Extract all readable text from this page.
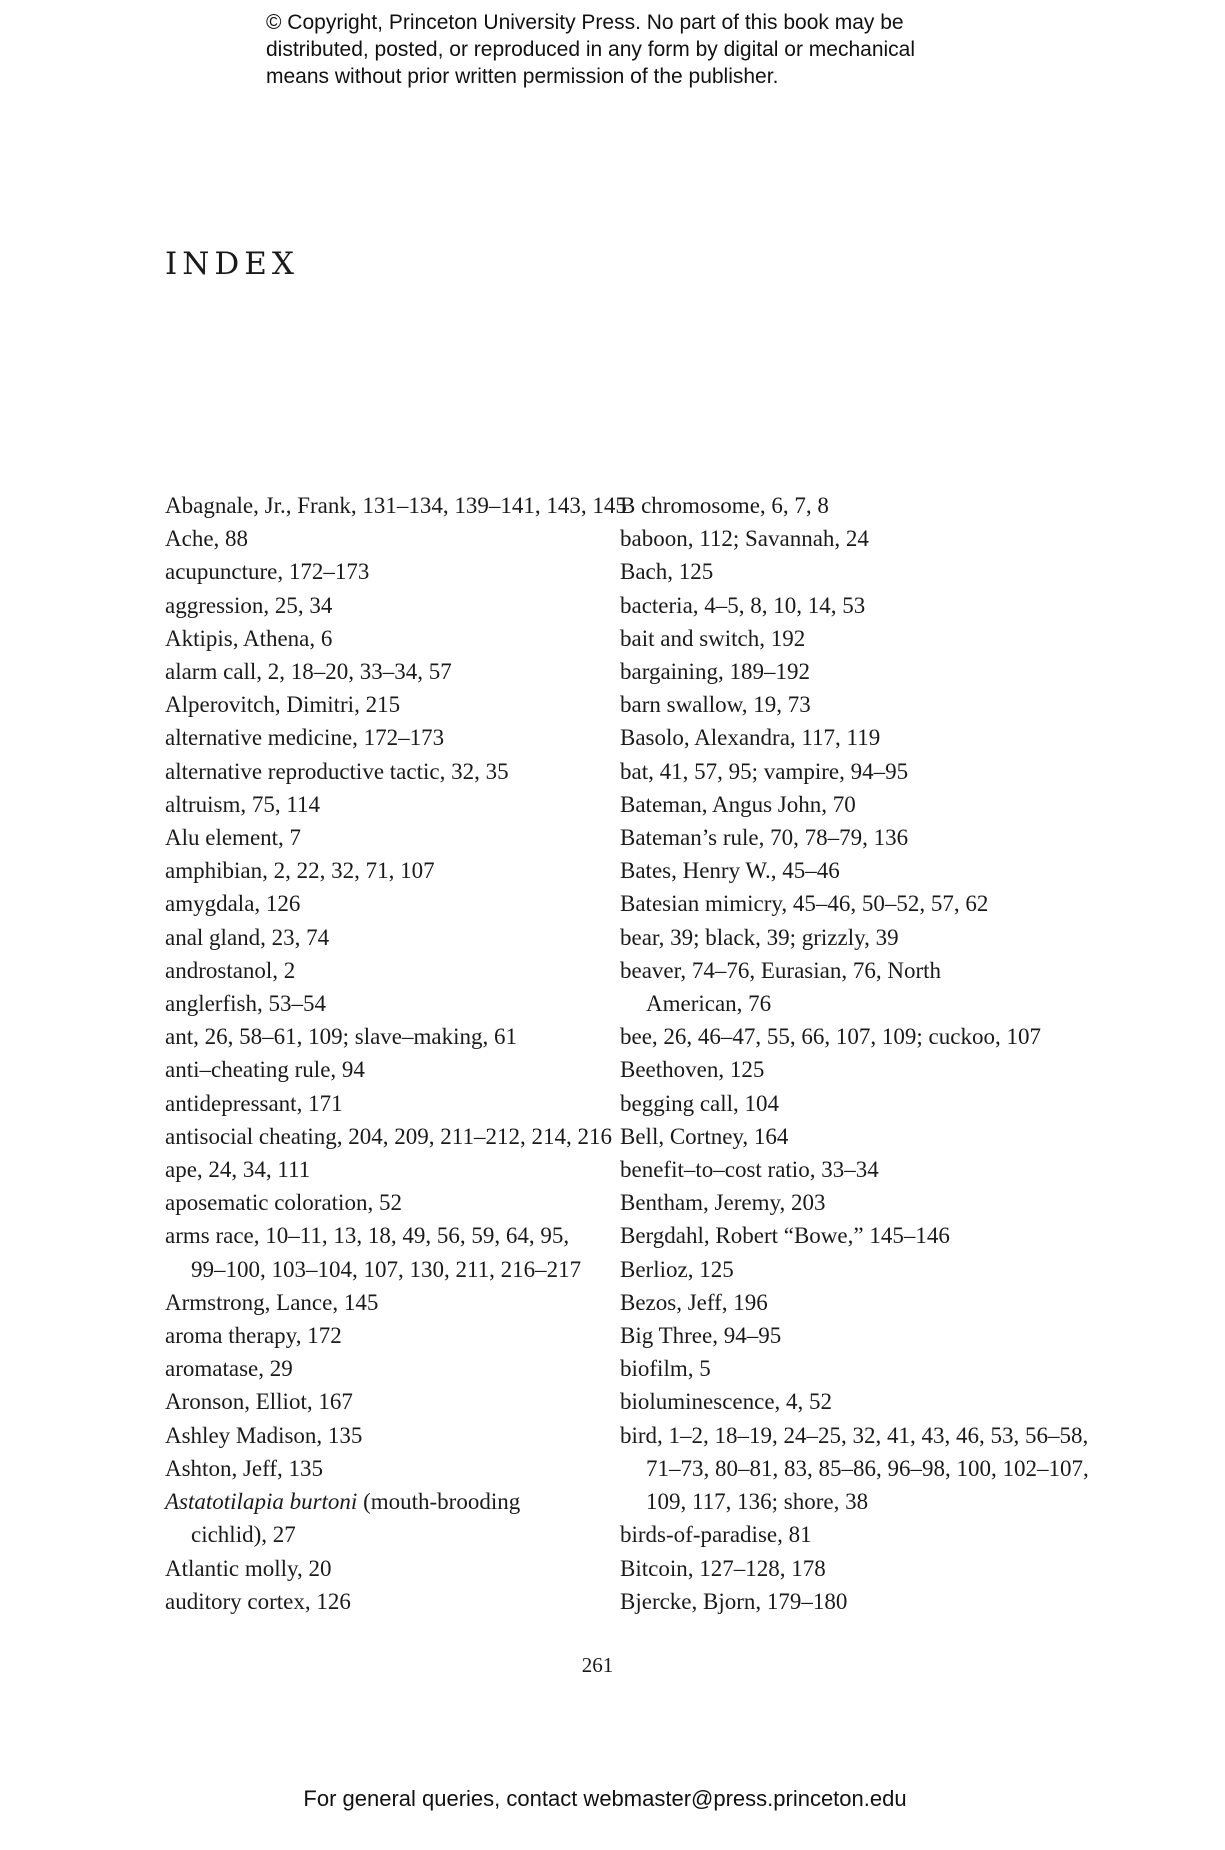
© Copyright, Princeton University Press. No part of this book may be
distributed, posted, or reproduced in any form by digital or mechanical
means without prior written permission of the publisher.
INDEX
Abagnale, Jr., Frank, 131–134, 139–141, 143, 145
Ache, 88
acupuncture, 172–173
aggression, 25, 34
Aktipis, Athena, 6
alarm call, 2, 18–20, 33–34, 57
Alperovitch, Dimitri, 215
alternative medicine, 172–173
alternative reproductive tactic, 32, 35
altruism, 75, 114
Alu element, 7
amphibian, 2, 22, 32, 71, 107
amygdala, 126
anal gland, 23, 74
androstanol, 2
anglerfish, 53–54
ant, 26, 58–61, 109; slave–making, 61
anti–cheating rule, 94
antidepressant, 171
antisocial cheating, 204, 209, 211–212, 214, 216
ape, 24, 34, 111
aposematic coloration, 52
arms race, 10–11, 13, 18, 49, 56, 59, 64, 95,
99–100, 103–104, 107, 130, 211, 216–217
Armstrong, Lance, 145
aroma therapy, 172
aromatase, 29
Aronson, Elliot, 167
Ashley Madison, 135
Ashton, Jeff, 135
Astatotilapia burtoni (mouth-brooding
cichlid), 27
Atlantic molly, 20
auditory cortex, 126
B chromosome, 6, 7, 8
baboon, 112; Savannah, 24
Bach, 125
bacteria, 4–5, 8, 10, 14, 53
bait and switch, 192
bargaining, 189–192
barn swallow, 19, 73
Basolo, Alexandra, 117, 119
bat, 41, 57, 95; vampire, 94–95
Bateman, Angus John, 70
Bateman’s rule, 70, 78–79, 136
Bates, Henry W., 45–46
Batesian mimicry, 45–46, 50–52, 57, 62
bear, 39; black, 39; grizzly, 39
beaver, 74–76, Eurasian, 76, North
American, 76
bee, 26, 46–47, 55, 66, 107, 109; cuckoo, 107
Beethoven, 125
begging call, 104
Bell, Cortney, 164
benefit–to–cost ratio, 33–34
Bentham, Jeremy, 203
Bergdahl, Robert “Bowe,” 145–146
Berlioz, 125
Bezos, Jeff, 196
Big Three, 94–95
biofilm, 5
bioluminescence, 4, 52
bird, 1–2, 18–19, 24–25, 32, 41, 43, 46, 53, 56–58,
71–73, 80–81, 83, 85–86, 96–98, 100, 102–107,
109, 117, 136; shore, 38
birds-of-paradise, 81
Bitcoin, 127–128, 178
Bjercke, Bjorn, 179–180
261
For general queries, contact webmaster@press.princeton.edu
